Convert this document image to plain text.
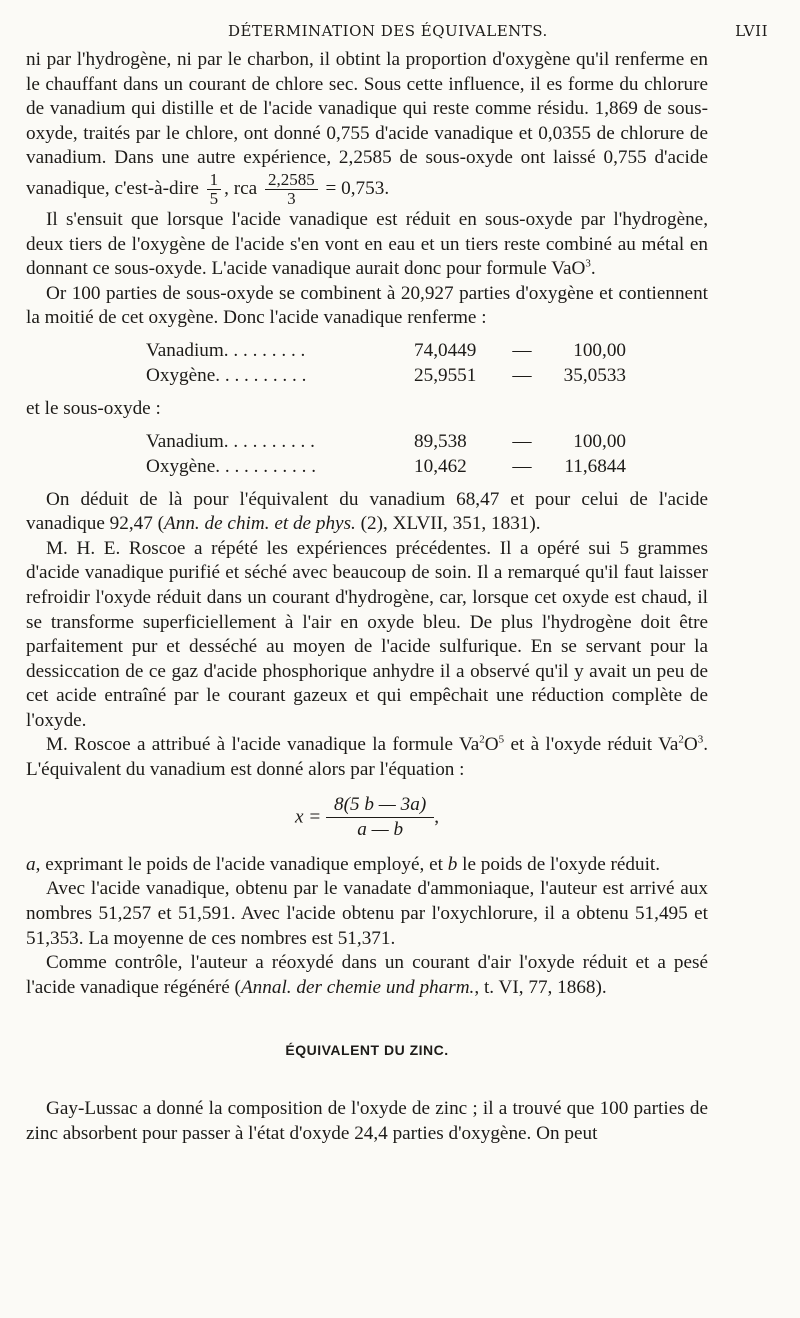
DÉTERMINATION DES ÉQUIVALENTS.	LVII

ni par l'hydrogène, ni par le charbon, il obtint la proportion d'oxygène qu'il renferme en le chauffant dans un courant de chlore sec. Sous cette influence, il es forme du chlorure de vanadium qui distille et de l'acide vanadique qui reste comme résidu. 1,869 de sous-oxyde, traités par le chlore, ont donné 0,755 d'acide vanadique et 0,0355 de chlorure de vanadium. Dans une autre expérience, 2,2585 de sous-oxyde ont laissé 0,755 d'acide vanadique, c'est-à-dire $\frac{1}{5}$ , rca $\frac{2,2585}{3} = 0,753$.

Il s'ensuit que lorsque l'acide vanadique est réduit en sous-oxyde par l'hydrogène, deux tiers de l'oxygène de l'acide s'en vont en eau et un tiers reste combiné au métal en donnant ce sous-oxyde. L'acide vanadique aurait donc pour formule VaO$^3$.

Or 100 parties de sous-oxyde se combinent à 20,927 parties d'oxygène et contiennent la moitié de cet oxygène. Donc l'acide vanadique renferme :

Vanadium. . . . . . . . .	74,0449	—	100,00
Oxygène. . . . . . . . . .	25,9551	—	35,0533

et le sous-oxyde :

Vanadium. . . . . . . . . .	89,538	—	100,00
Oxygène. . . . . . . . . . .	10,462	—	11,6844

On déduit de là pour l'équivalent du vanadium 68,47 et pour celui de l'acide vanadique 92,47 (Ann. de chim. et de phys. (2), XLVII, 351, 1831).

M. H. E. Roscoe a répété les expériences précédentes. Il a opéré sui 5 grammes d'acide vanadique purifié et séché avec beaucoup de soin. Il a remarqué qu'il faut laisser refroidir l'oxyde réduit dans un courant d'hydrogène, car, lorsque cet oxyde est chaud, il se transforme superficiellement à l'air en oxyde bleu. De plus l'hydrogène doit être parfaitement pur et desséché au moyen de l'acide sulfurique. En se servant pour la dessiccation de ce gaz d'acide phosphorique anhydre il a observé qu'il y avait un peu de cet acide entraîné par le courant gazeux et qui empêchait une réduction complète de l'oxyde.

M. Roscoe a attribué à l'acide vanadique la formule $Va^2O^5$ et à l'oxyde réduit $Va^2O^3$. L'équivalent du vanadium est donné alors par l'équation :

$x = \frac{8(5 b — 3a)}{a — b}$ ,

a, exprimant le poids de l'acide vanadique employé, et b le poids de l'oxyde réduit.

Avec l'acide vanadique, obtenu par le vanadate d'ammoniaque, l'auteur est arrivé aux nombres 51,257 et 51,591. Avec l'acide obtenu par l'oxychlorure, il a obtenu 51,495 et 51,353. La moyenne de ces nombres est 51,371.

Comme contrôle, l'auteur a réoxydé dans un courant d'air l'oxyde réduit et a pesé l'acide vanadique régénéré (Annal. der chemie und pharm., t. VI, 77, 1868).

ÉQUIVALENT DU ZINC.

Gay-Lussac a donné la composition de l'oxyde de zinc ; il a trouvé que 100 parties de zinc absorbent pour passer à l'état d'oxyde 24,4 parties d'oxygène. On peut
